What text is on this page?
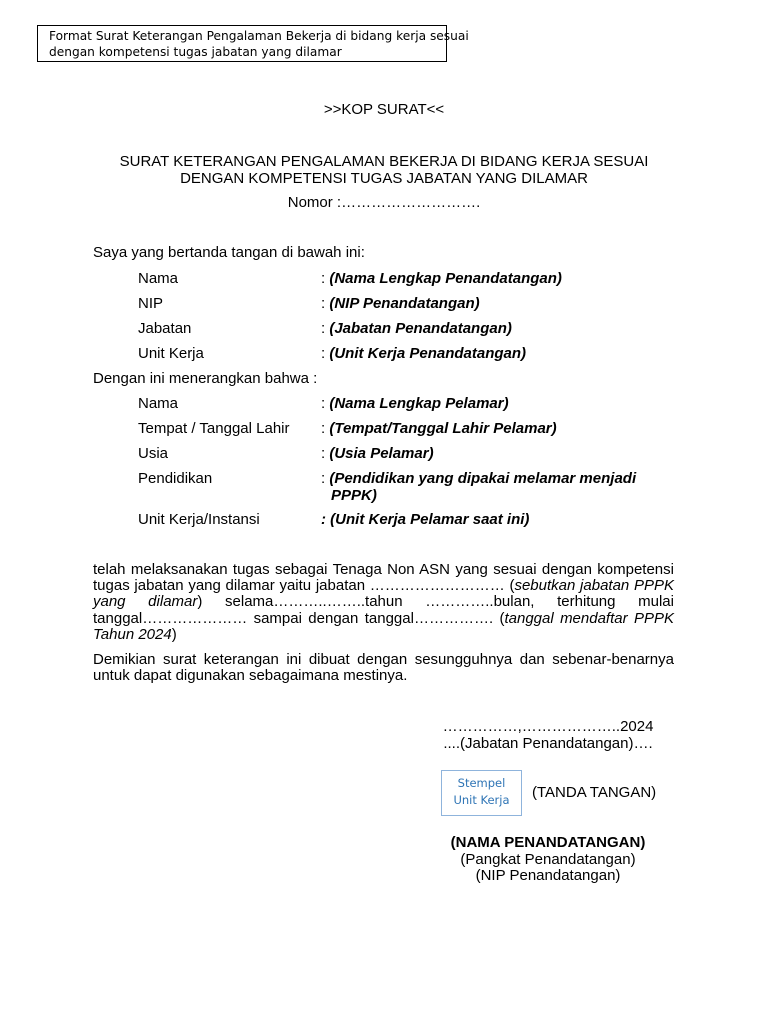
Format Surat Keterangan Pengalaman Bekerja di bidang kerja sesuai
dengan kompetensi tugas jabatan yang dilamar
>>KOP SURAT<<
SURAT KETERANGAN PENGALAMAN BEKERJA DI BIDANG KERJA SESUAI
DENGAN KOMPETENSI TUGAS JABATAN YANG DILAMAR
Nomor :……………………….
Saya yang bertanda tangan di bawah ini:
Nama	: (Nama Lengkap Penandatangan)
NIP	: (NIP Penandatangan)
Jabatan	: (Jabatan Penandatangan)
Unit Kerja	: (Unit Kerja Penandatangan)
Dengan ini menerangkan bahwa :
Nama	: (Nama Lengkap Pelamar)
Tempat / Tanggal Lahir : (Tempat/Tanggal Lahir Pelamar)
Usia	: (Usia Pelamar)
Pendidikan	: (Pendidikan yang dipakai melamar menjadi
PPPK)
Unit Kerja/Instansi	: (Unit Kerja Pelamar saat ini)

telah melaksanakan tugas sebagai Tenaga Non ASN yang sesuai dengan kompetensi tugas jabatan yang dilamar yaitu jabatan ……………………… (sebutkan jabatan PPPK yang dilamar) selama………..……..tahun …………..bulan, terhitung mulai tanggal………………… sampai dengan tanggal……………. (tanggal mendaftar PPPK Tahun 2024)

Demikian surat keterangan ini dibuat dengan sesungguhnya dan sebenar-benarnya untuk dapat digunakan sebagaimana mestinya.

……………,………………..2024
....(Jabatan Penandatangan)….
Stempel
Unit Kerja	(TANDA TANGAN)
(NAMA PENANDATANGAN)
(Pangkat Penandatangan)
(NIP Penandatangan)
